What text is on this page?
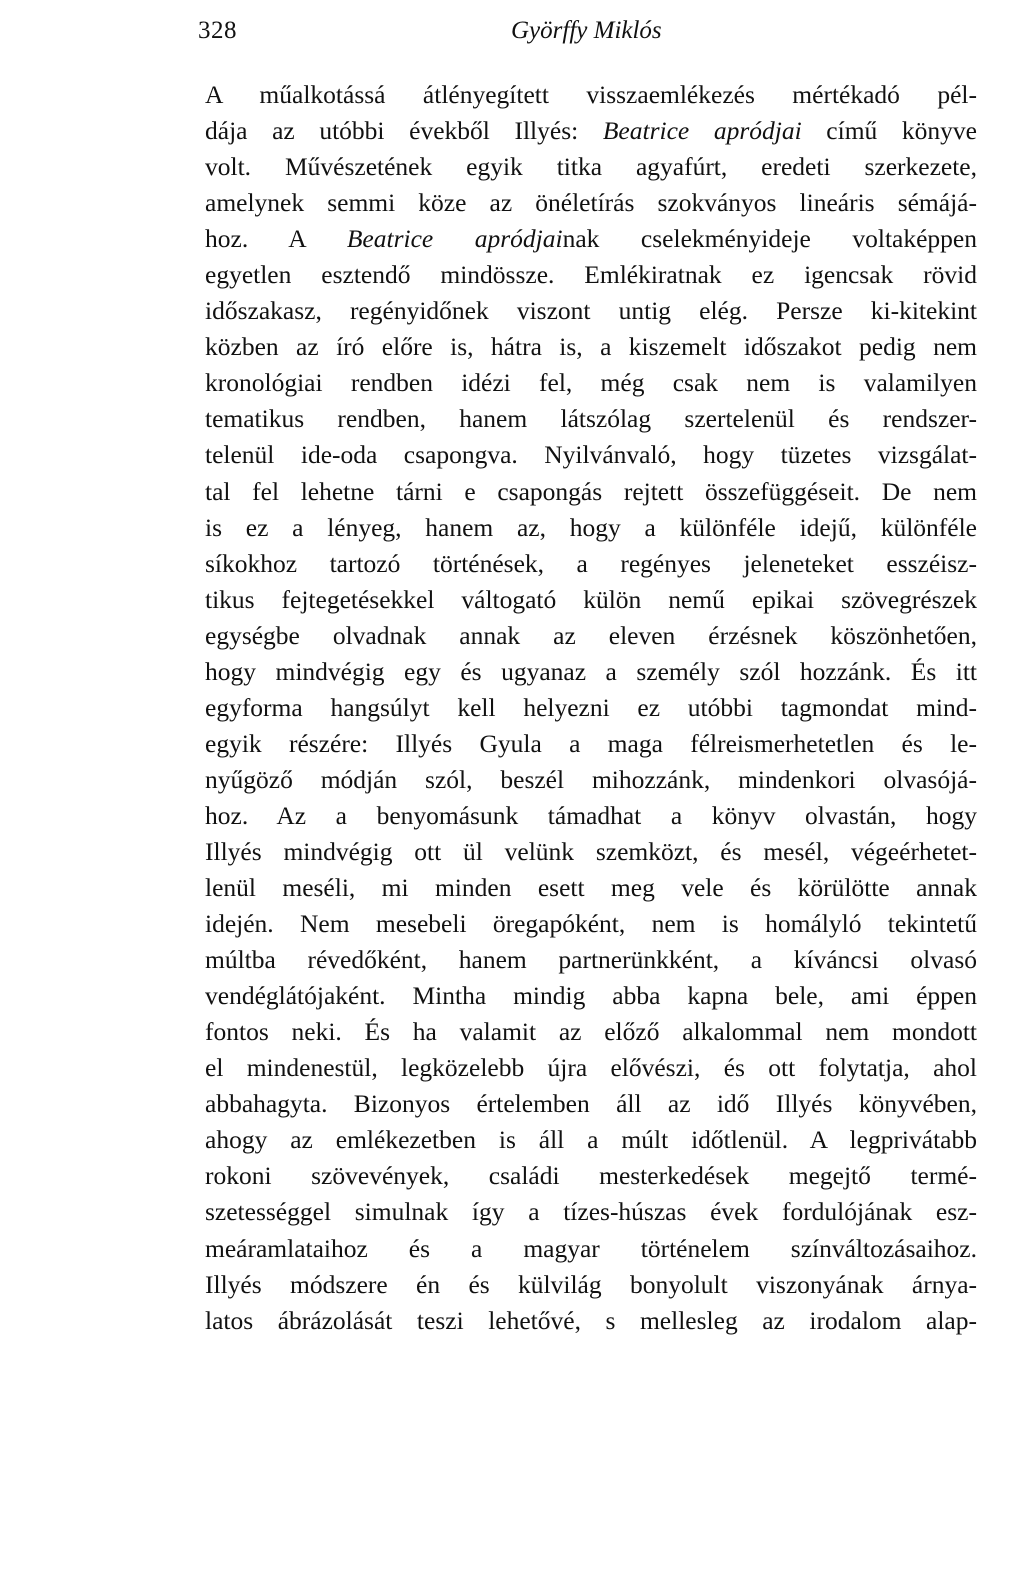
328	Györffy Miklós
A műalkotássá átlényegített visszaemlékezés mértékadó pél-
dája az utóbbi évekből Illyés: Beatrice apródjai című könyve
volt. Művészetének egyik titka agyafúrt, eredeti szerkezete,
amelynek semmi köze az önéletírás szokványos lineáris sémájá-
hoz. A Beatrice apródjainak cselekményideje voltaképpen
egyetlen esztendő mindössze. Emlékiratnak ez igencsak rövid
időszakasz, regényidőnek viszont untig elég. Persze ki-kitekint
közben az író előre is, hátra is, a kiszemelt időszakot pedig nem
kronológiai rendben idézi fel, még csak nem is valamilyen
tematikus rendben, hanem látszólag szertelenül és rendszer-
telenül ide-oda csapongva. Nyilvánvaló, hogy tüzetes vizsgálat-
tal fel lehetne tárni e csapongás rejtett összefüggéseit. De nem
is ez a lényeg, hanem az, hogy a különféle idejű, különféle
síkokhoz tartozó történések, a regényes jeleneteket esszéisz-
tikus fejtegetésekkel váltogató külön nemű epikai szövegrészek
egységbe olvadnak annak az eleven érzésnek köszönhetően,
hogy mindvégig egy és ugyanaz a személy szól hozzánk. És itt
egyforma hangsúlyt kell helyezni ez utóbbi tagmondat mind-
egyik részére: Illyés Gyula a maga félreismerhetetlen és le-
nyűgöző módján szól, beszél mihozzánk, mindenkori olvasójá-
hoz. Az a benyomásunk támadhat a könyv olvastán, hogy
Illyés mindvégig ott ül velünk szemközt, és mesél, végeérhetet-
lenül meséli, mi minden esett meg vele és körülötte annak
idején. Nem mesebeli öregapóként, nem is homályló tekintetű
múltba révedőként, hanem partnerünkként, a kíváncsi olvasó
vendéglátójaként. Mintha mindig abba kapna bele, ami éppen
fontos neki. És ha valamit az előző alkalommal nem mondott
el mindenestül, legközelebb újra elővészi, és ott folytatja, ahol
abbahagyta. Bizonyos értelemben áll az idő Illyés könyvében,
ahogy az emlékezetben is áll a múlt időtlenül. A legprivátabb
rokoni szövevények, családi mesterkedések megejtő termé-
szetességgel simulnak így a tízes-húszas évek fordulójának esz-
meáramlataihoz és a magyar történelem színváltozásaihoz.
Illyés módszere én és külvilág bonyolult viszonyának árnya-
latos ábrázolását teszi lehetővé, s mellesleg az irodalom alap-
